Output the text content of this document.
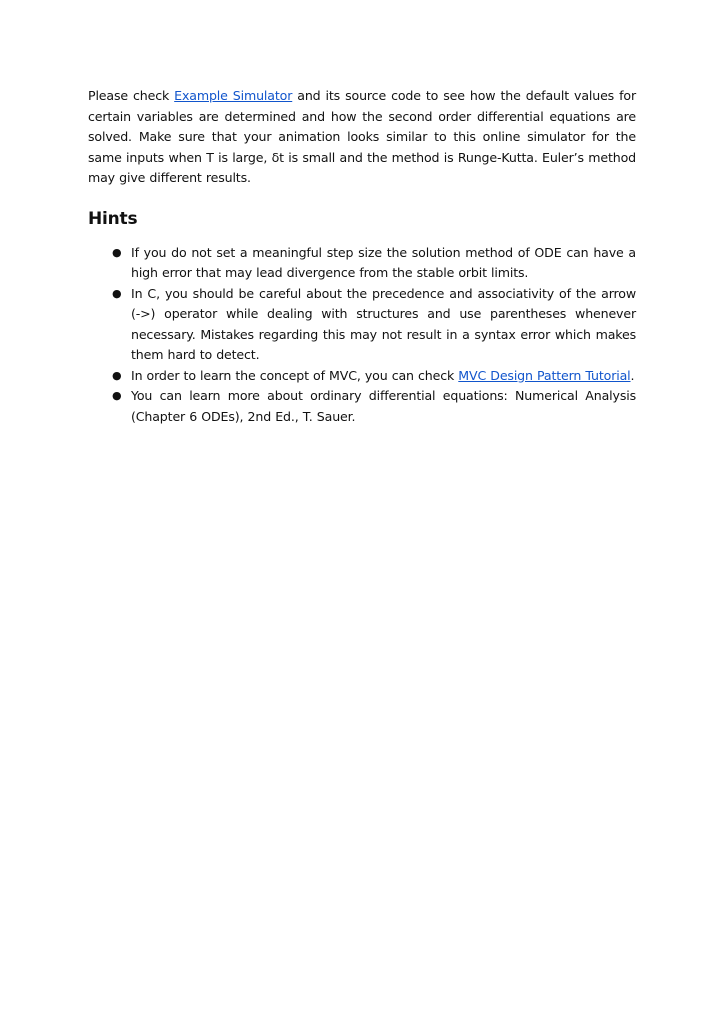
Please check Example Simulator and its source code to see how the default values for certain variables are determined and how the second order differential equations are solved. Make sure that your animation looks similar to this online simulator for the same inputs when T is large, δt is small and the method is Runge-Kutta. Euler’s method may give different results.

Hints
● If you do not set a meaningful step size the solution method of ODE can have a high error that may lead divergence from the stable orbit limits.
● In C, you should be careful about the precedence and associativity of the arrow (->) operator while dealing with structures and use parentheses whenever necessary. Mistakes regarding this may not result in a syntax error which makes them hard to detect.
● In order to learn the concept of MVC, you can check MVC Design Pattern Tutorial.
● You can learn more about ordinary differential equations: Numerical Analysis (Chapter 6 ODEs), 2nd Ed., T. Sauer.
